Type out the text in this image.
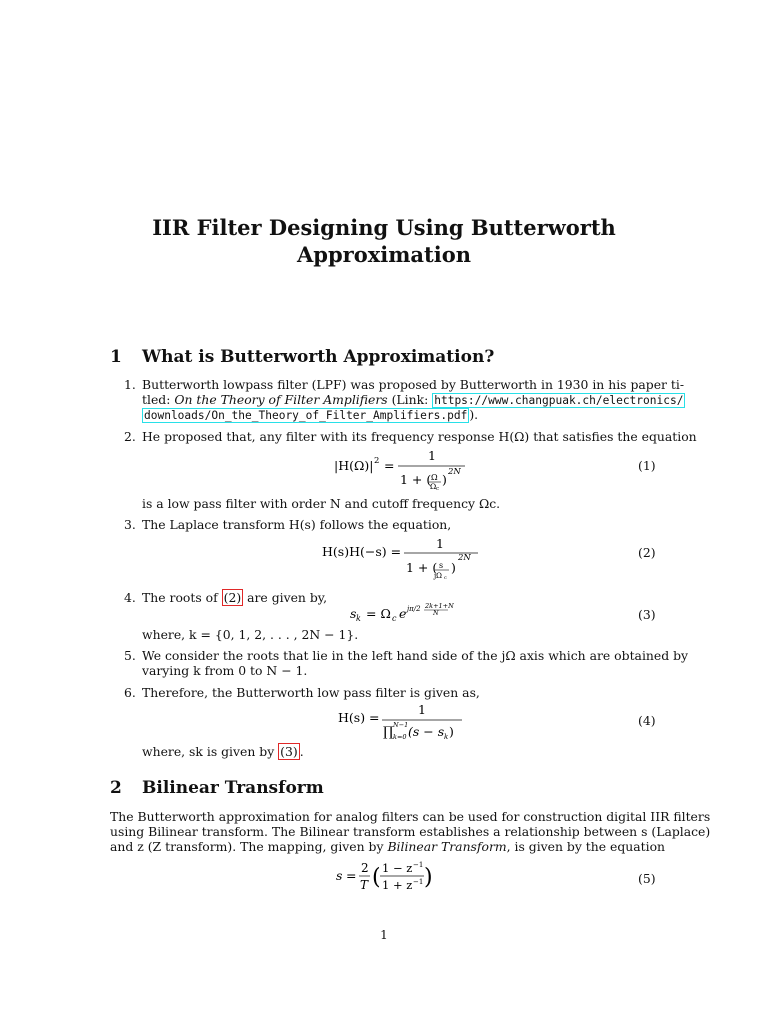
IIR Filter Designing Using Butterworth
Approximation
1 What is Butterworth Approximation?
1. Butterworth lowpass filter (LPF) was proposed by Butterworth in 1930 in his paper ti-
tled: On the Theory of Filter Amplifiers (Link: https://www.changpuak.ch/electronics/
downloads/On_the_Theory_of_Filter_Amplifiers.pdf ).
2. He proposed that, any filter with its frequency response H(Ω) that satisfies the equation
|H(Ω)| 2 =
1
1 + ( Ω
Ω c
) 2N	(1)
is a low pass filter with order N and cutoff frequency Ωc.
3. The Laplace transform H(s) follows the equation,
H(s)H(−s) =
1
1 + ( s
jΩ c
)
2N	(2)
4. The roots of (2) are given by,
s k = Ω c e jπ/2 2k+1+N
N	(3)
where, k = {0, 1, 2, . . . , 2N − 1}.
5. We consider the roots that lie in the left hand side of the jΩ axis which are obtained by
varying k from 0 to N − 1.
6. Therefore, the Butterworth low pass filter is given as,
H(s) =
1
∏ N−1
k=0 (s − s k )
(4)
where, sk is given by (3) .
2 Bilinear Transform
The Butterworth approximation for analog filters can be used for construction digital IIR filters
using Bilinear transform. The Bilinear transform establishes a relationship between s (Laplace)
and z (Z transform). The mapping, given by Bilinear Transform, is given by the equation
s = 2
T ( 1 − z −1
1 + z −1 )	(5)
1
